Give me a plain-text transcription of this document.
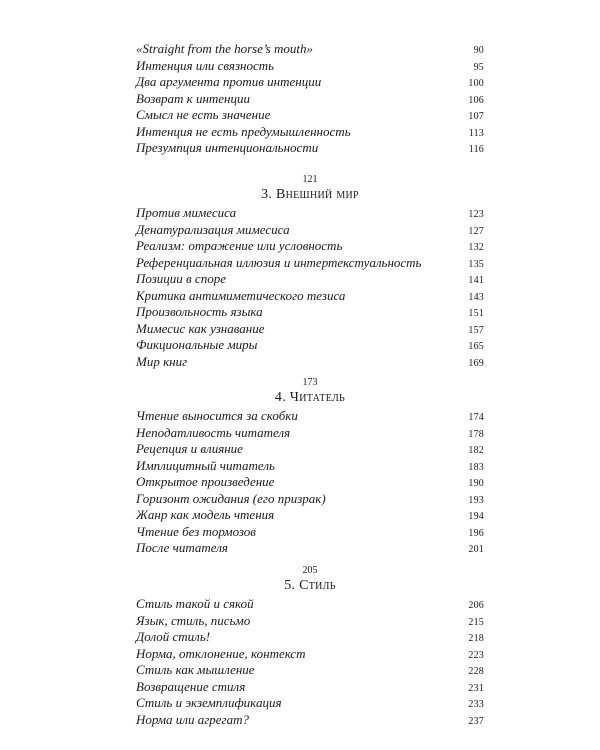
«Straight from the horse’s mouth»	90
Интенция или связность	95
Два аргумента против интенции	100
Возврат к интенции	106
Смысл не есть значение	107
Интенция не есть предумышленность	113
Презумпция интенциональности	116
121
3. Внешний мир
Против мимесиса	123
Денатурализация мимесиса	127
Реализм: отражение или условность	132
Референциальная иллюзия и интертекстуальность	135
Позиции в споре	141
Критика антимиметического тезиса	143
Произвольность языка	151
Мимесис как узнавание	157
Фикциональные миры	165
Мир книг	169
173
4. Читатель
Чтение выносится за скобки	174
Неподатливость читателя	178
Рецепция и влияние	182
Имплицитный читатель	183
Открытое произведение	190
Горизонт ожидания (его призрак)	193
Жанр как модель чтения	194
Чтение без тормозов	196
После читателя	201
205
5. Стиль
Стиль такой и сякой	206
Язык, стиль, письмо	215
Долой стиль!	218
Норма, отклонение, контекст	223
Стиль как мышление	228
Возвращение стиля	231
Стиль и экземплификация	233
Норма или агрегат?	237
